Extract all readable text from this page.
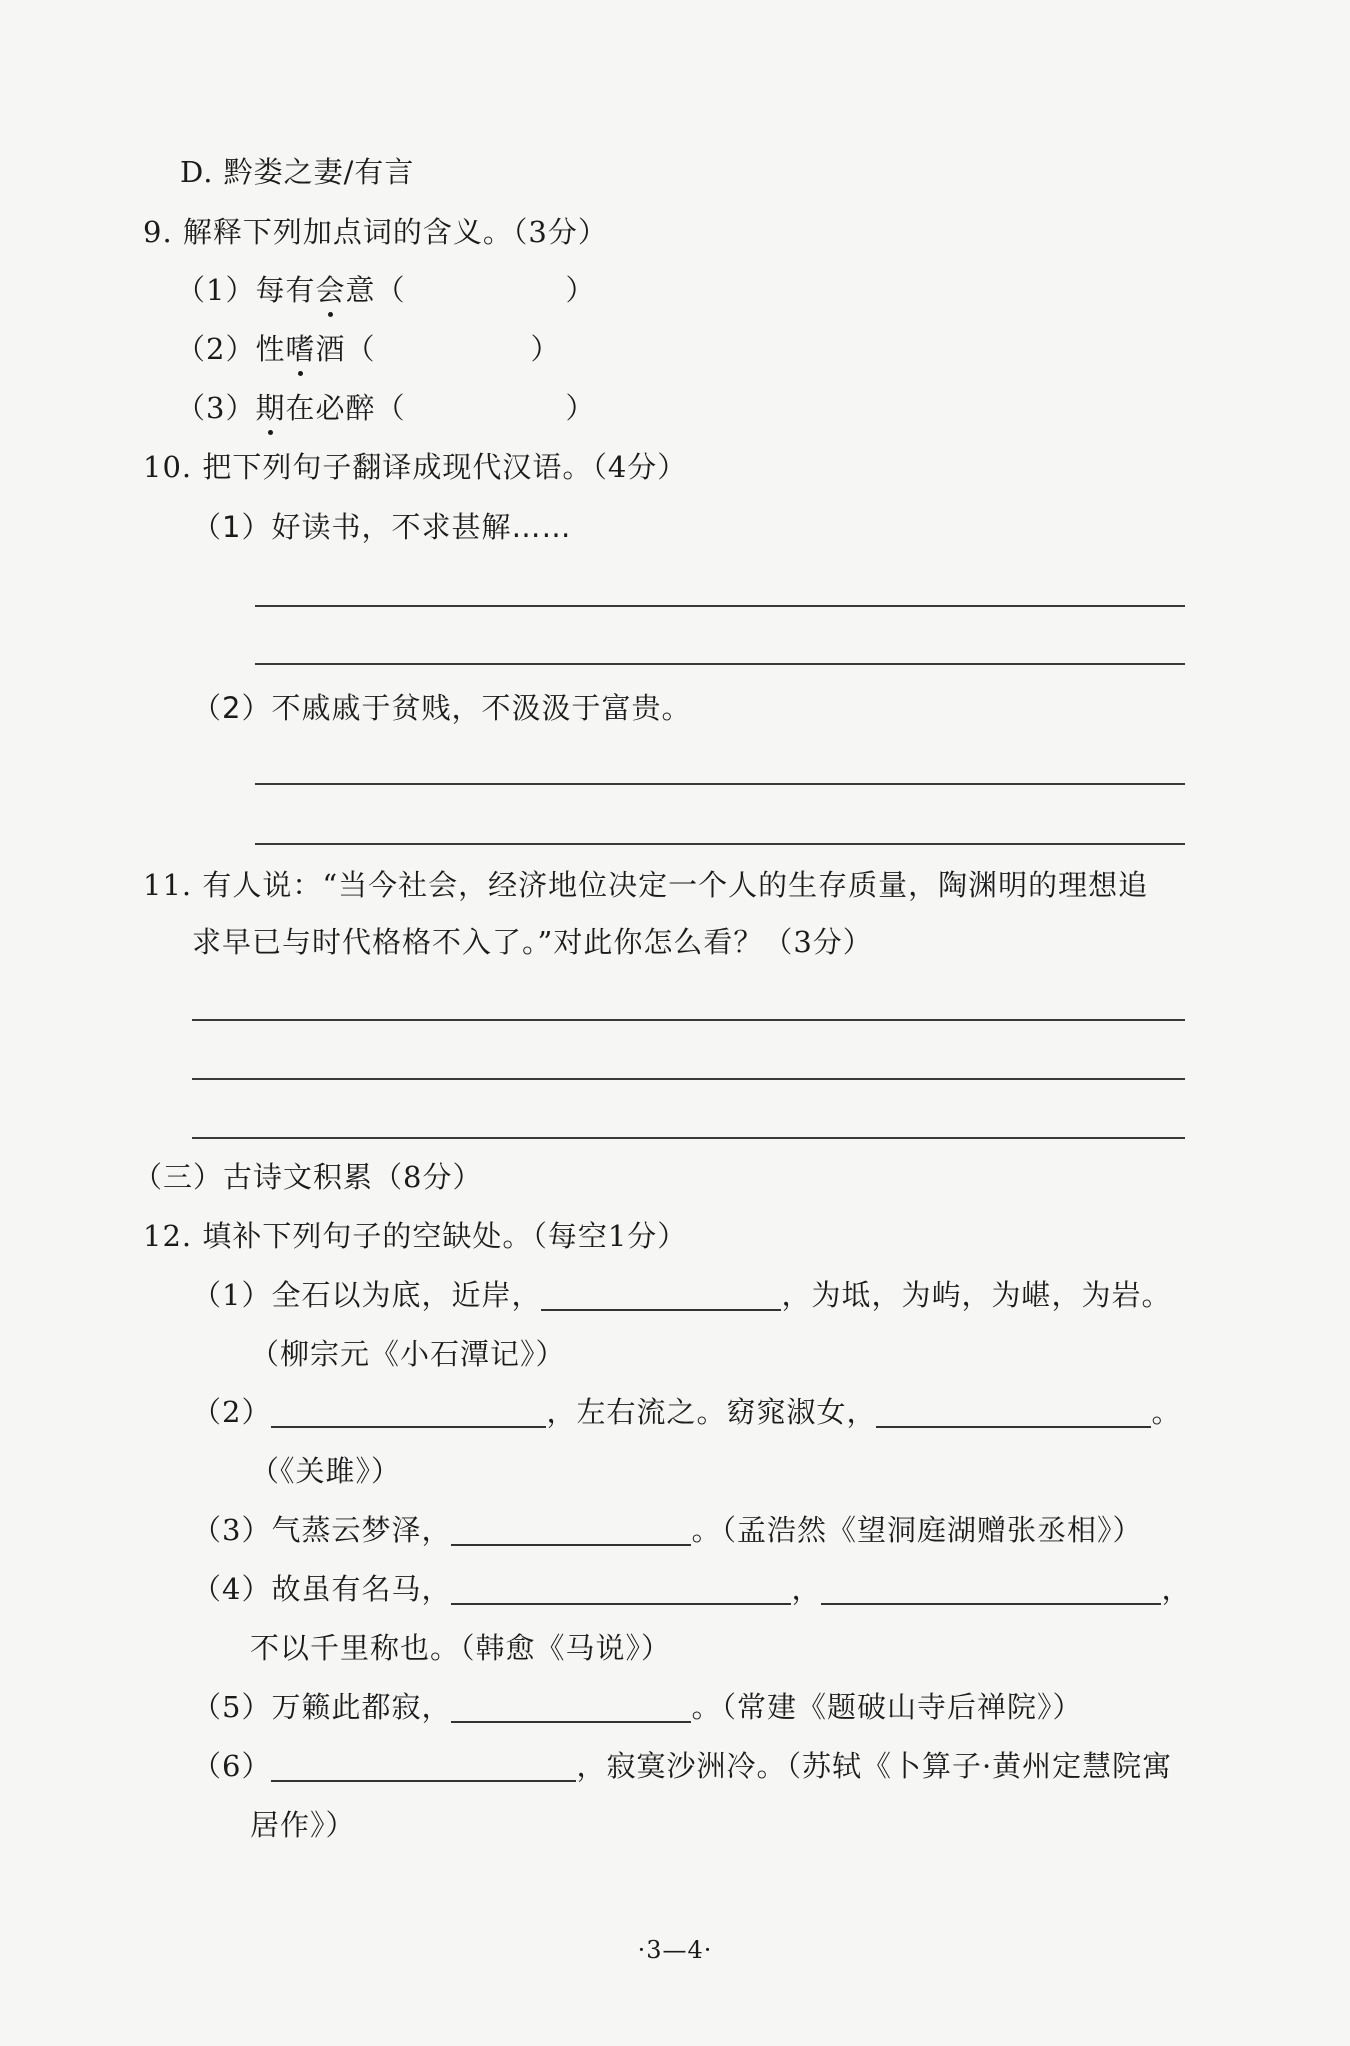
D. 黔娄之妻/有言
9. 解释下列加点词的含义。（3分）
（1）每有会意（	）
（2）性嗜酒（	）
（3）期在必醉（	）
10. 把下列句子翻译成现代汉语。（4分）
（1）好读书，不求甚解……
（2）不戚戚于贫贱，不汲汲于富贵。
11. 有人说：“当今社会，经济地位决定一个人的生存质量，陶渊明的理想追
求早已与时代格格不入了。”对此你怎么看？（3分）
（三）古诗文积累（8分）
12. 填补下列句子的空缺处。（每空1分）
（1）全石以为底，近岸，	，为坻，为屿，为嵁，为岩。
（柳宗元《小石潭记》）
（2）	，左右流之。窈窕淑女，	。
（《关雎》）
（3）气蒸云梦泽，	。（孟浩然《望洞庭湖赠张丞相》）
（4）故虽有名马，	，	，
不以千里称也。（韩愈《马说》）
（5）万籁此都寂，	。（常建《题破山寺后禅院》）
（6）	，寂寞沙洲冷。（苏轼《卜算子·黄州定慧院寓
居作》）
·3—4·
